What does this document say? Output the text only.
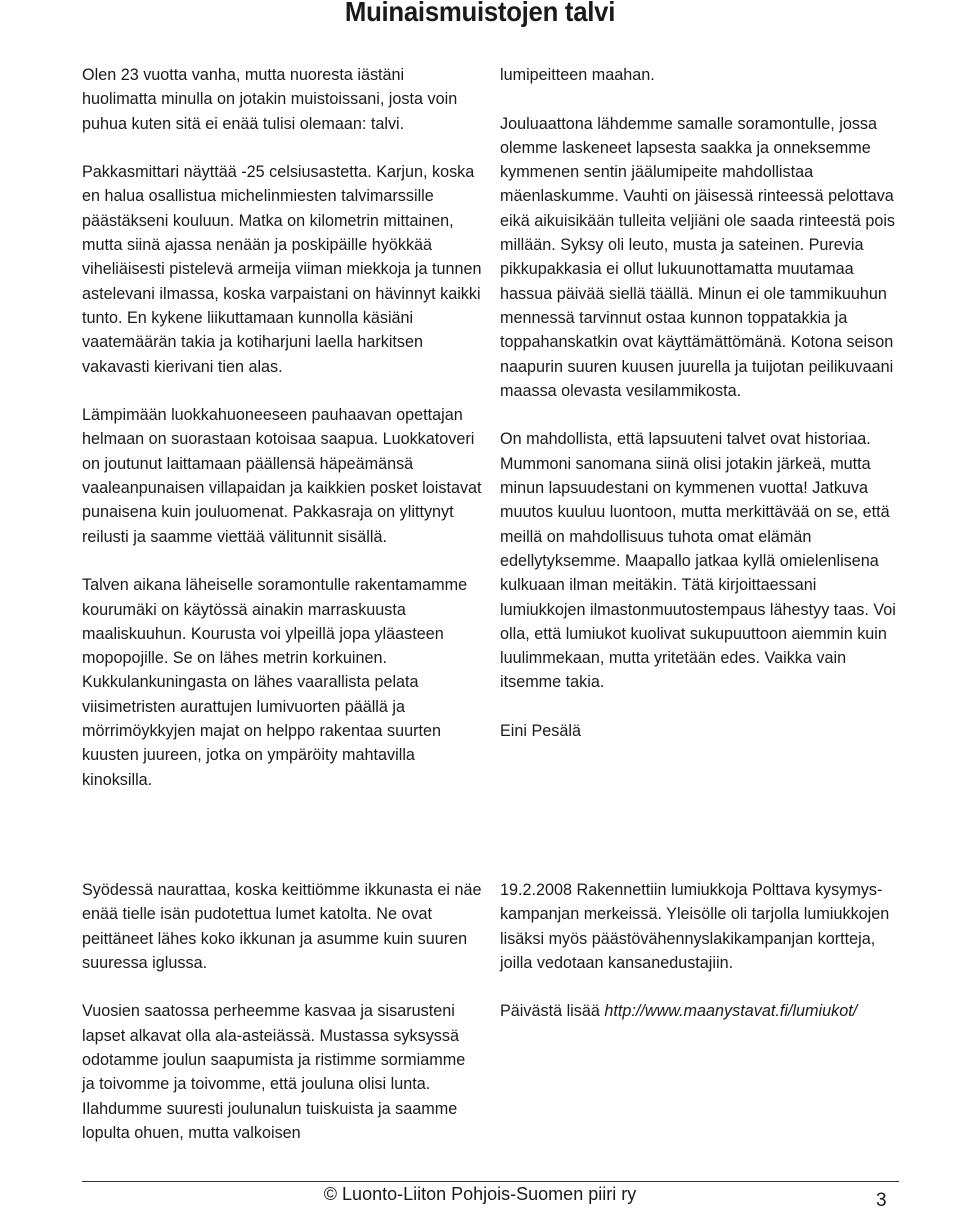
Muinaismuistojen talvi

Olen 23 vuotta vanha, mutta nuoresta iästäni huolimatta minulla on jotakin muistoissani, josta voin puhua kuten sitä ei enää tulisi olemaan: talvi.

Pakkasmittari näyttää -25 celsiusastetta. Karjun, koska en halua osallistua michelinmiesten talvimarssille päästäkseni kouluun. Matka on kilometrin mittainen, mutta siinä ajassa nenään ja poskipäille hyökkää viheliäisesti pistelevä armeija viiman miekkoja ja tunnen astelevani ilmassa, koska varpaistani on hävinnyt kaikki tunto. En kykene liikuttamaan kunnolla käsiäni vaatemäärän takia ja kotiharjuni laella harkitsen vakavasti kierivani tien alas.

Lämpimään luokkahuoneeseen pauhaavan opettajan helmaan on suorastaan kotoisaa saapua. Luokkatoveri on joutunut laittamaan päällensä häpeämänsä vaaleanpunaisen villapaidan ja kaikkien posket loistavat punaisena kuin jouluomenat. Pakkasraja on ylittynyt reilusti ja saamme viettää välitunnit sisällä.

Talven aikana läheiselle soramontulle rakentamamme kourumäki on käytössä ainakin marraskuusta maaliskuuhun. Kourusta voi ylpeillä jopa yläasteen mopopojille. Se on lähes metrin korkuinen. Kukkulankuningasta on lähes vaarallista pelata viisimetristen aurattujen lumivuorten päällä ja mörrimöykkyjen majat on helppo rakentaa suurten kuusten juureen, jotka on ympäröity mahtavilla kinoksilla.

lumipeitteen maahan.

Jouluaattona lähdemme samalle soramontulle, jossa olemme laskeneet lapsesta saakka ja onneksemme kymmenen sentin jäälumipeite mahdollistaa mäenlaskumme. Vauhti on jäisessä rinteessä pelottava eikä aikuisikään tulleita veljiäni ole saada rinteestä pois millään. Syksy oli leuto, musta ja sateinen. Purevia pikkupakkasia ei ollut lukuunottamatta muutamaa hassua päivää siellä täällä. Minun ei ole tammikuuhun mennessä tarvinnut ostaa kunnon toppatakkia ja toppahanskatkin ovat käyttämättömänä. Kotona seison naapurin suuren kuusen juurella ja tuijotan peilikuvaani maassa olevasta vesilammikosta.

On mahdollista, että lapsuuteni talvet ovat historiaa. Mummoni sanomana siinä olisi jotakin järkeä, mutta minun lapsuudestani on kymmenen vuotta! Jatkuva muutos kuuluu luontoon, mutta merkittävää on se, että meillä on mahdollisuus tuhota omat elämän edellytyksemme. Maapallo jatkaa kyllä omielenlisena kulkuaan ilman meitäkin. Tätä kirjoittaessani lumiukkojen ilmastonmuutostempaus lähestyy taas. Voi olla, että lumiukot kuolivat sukupuuttoon aiemmin kuin luulimmekaan, mutta yritetään edes. Vaikka vain itsemme takia.

Eini Pesälä

Syödessä naurattaa, koska keittiömme ikkunasta ei näe enää tielle isän pudotettua lumet katolta. Ne ovat peittäneet lähes koko ikkunan ja asumme kuin suuren suuressa iglussa.

Vuosien saatossa perheemme kasvaa ja sisarusteni lapset alkavat olla ala-asteiässä. Mustassa syksyssä odotamme joulun saapumista ja ristimme sormiamme ja toivomme ja toivomme, että jouluna olisi lunta. Ilahdumme suuresti joulunalun tuiskuista ja saamme lopulta ohuen, mutta valkoisen

19.2.2008 Rakennettiin lumiukkoja Polttava kysymys-kampanjan merkeissä. Yleisölle oli tarjolla lumiukkojen lisäksi myös päästövähennyslakikampanjan kortteja, joilla vedotaan kansanedustajiin.

Päivästä lisää http://www.maanystavat.fi/lumiukot/

© Luonto-Liiton Pohjois-Suomen piiri ry	3
